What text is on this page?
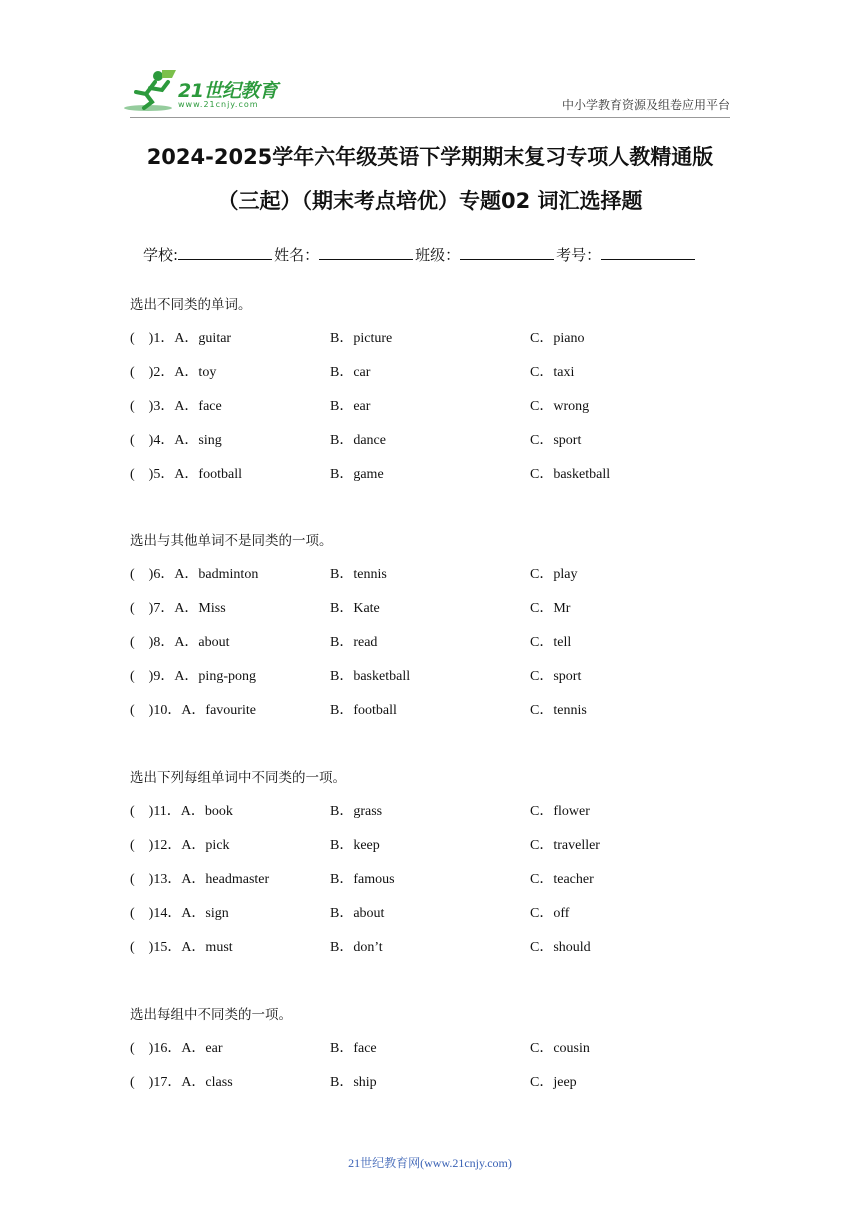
21世纪教育
www.21cnjy.com	中小学教育资源及组卷应用平台
2024-2025学年六年级英语下学期期末复习专项人教精通版
（三起）（期末考点培优）专题02 词汇选择题
学校:	姓名：	班级：	考号：
选出不同类的单词。
(    )1．A．guitar	B．picture	C．piano
(    )2．A．toy	B．car	C．taxi
(    )3．A．face	B．ear	C．wrong
(    )4．A．sing	B．dance	C．sport
(    )5．A．football	B．game	C．basketball
选出与其他单词不是同类的一项。
(    )6．A．badminton	B．tennis	C．play
(    )7．A．Miss	B．Kate	C．Mr
(    )8．A．about	B．read	C．tell
(    )9．A．ping-pong	B．basketball	C．sport
(    )10．A．favourite	B．football	C．tennis
选出下列每组单词中不同类的一项。
(    )11．A．book	B．grass	C．flower
(    )12．A．pick	B．keep	C．traveller
(    )13．A．headmaster	B．famous	C．teacher
(    )14．A．sign	B．about	C．off
(    )15．A．must	B．don’t	C．should
选出每组中不同类的一项。
(    )16．A．ear	B．face	C．cousin
(    )17．A．class	B．ship	C．jeep
21世纪教育网(www.21cnjy.com)
